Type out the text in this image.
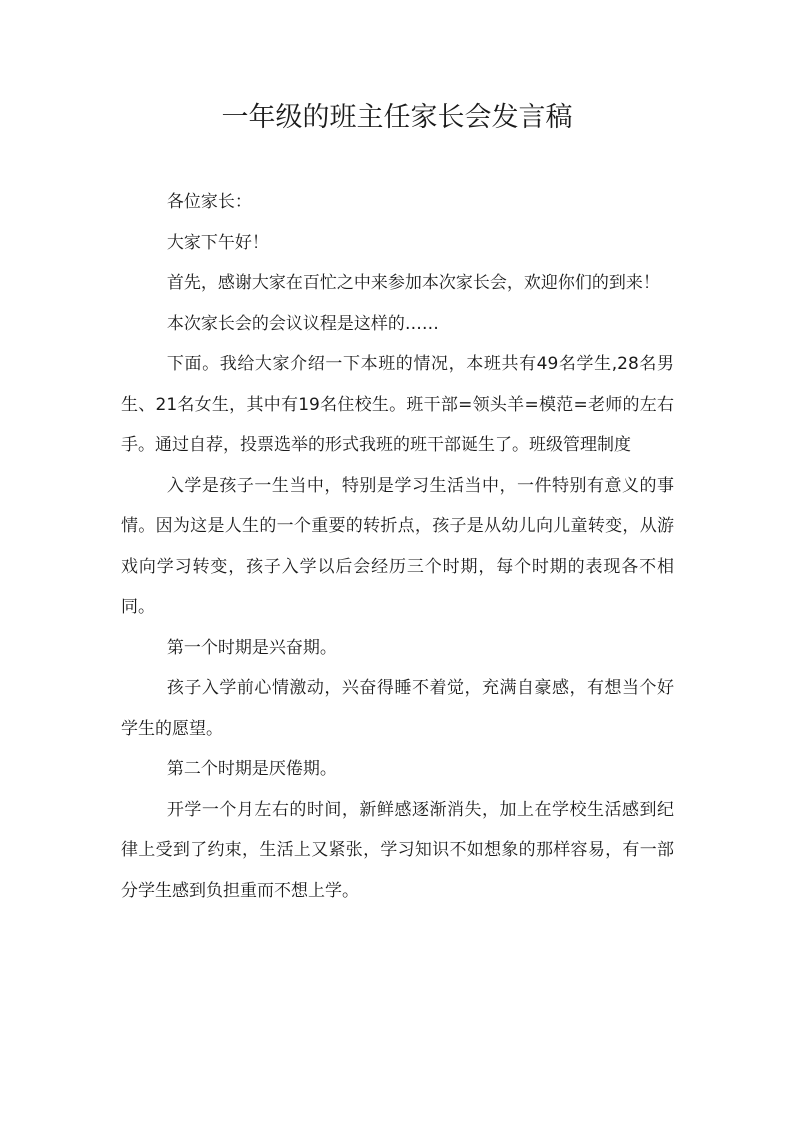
一年级的班主任家长会发言稿

各位家长：

大家下午好！

首先，感谢大家在百忙之中来参加本次家长会，欢迎你们的到来！

本次家长会的会议议程是这样的……

下面。我给大家介绍一下本班的情况，本班共有49名学生,28名男生、21名女生，其中有19名住校生。班干部=领头羊=模范=老师的左右手。通过自荐，投票选举的形式我班的班干部诞生了。班级管理制度

入学是孩子一生当中，特别是学习生活当中，一件特别有意义的事情。因为这是人生的一个重要的转折点，孩子是从幼儿向儿童转变，从游戏向学习转变，孩子入学以后会经历三个时期，每个时期的表现各不相同。

第一个时期是兴奋期。

孩子入学前心情激动，兴奋得睡不着觉，充满自豪感，有想当个好学生的愿望。

第二个时期是厌倦期。

开学一个月左右的时间，新鲜感逐渐消失，加上在学校生活感到纪律上受到了约束，生活上又紧张，学习知识不如想象的那样容易，有一部分学生感到负担重而不想上学。
